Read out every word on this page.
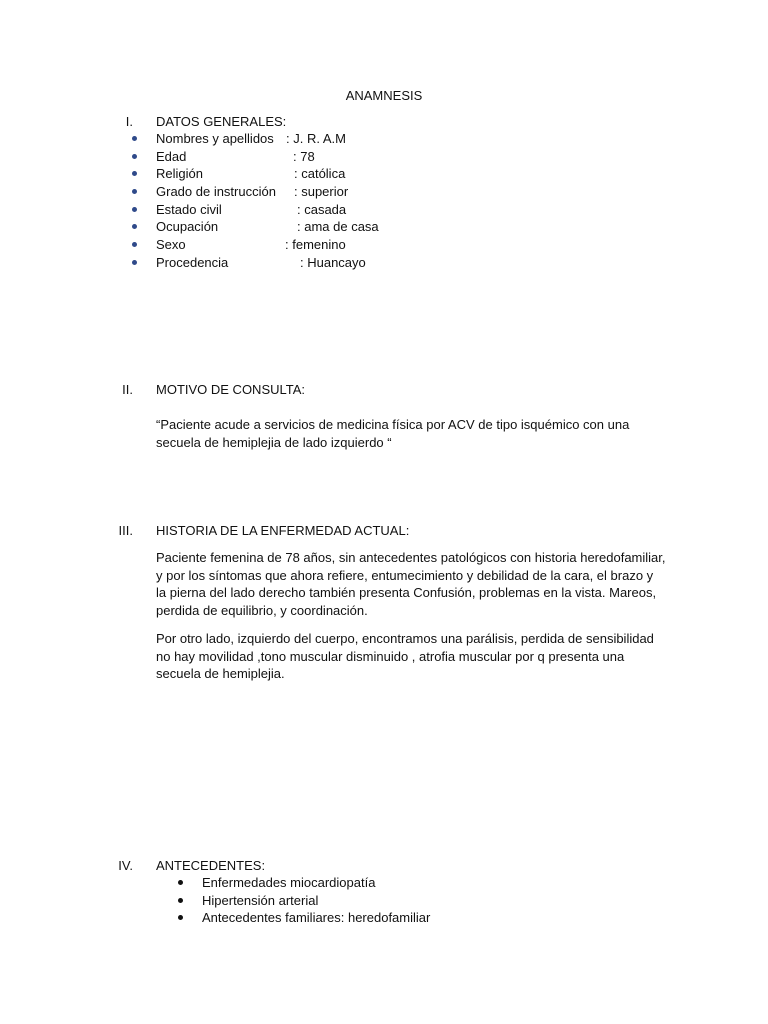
ANAMNESIS
I. DATOS GENERALES:
Nombres y apellidos : J. R. A.M
Edad	: 78
Religión	: católica
Grado de instrucción : superior
Estado civil	: casada
Ocupación	: ama de casa
Sexo	: femenino
Procedencia	: Huancayo
II. MOTIVO DE CONSULTA:
“Paciente acude a servicios de medicina física por ACV de tipo isquémico con una secuela de hemiplejia de lado izquierdo “
III. HISTORIA DE LA ENFERMEDAD ACTUAL:
Paciente femenina de 78 años, sin antecedentes patológicos con historia heredofamiliar, y por los síntomas que ahora refiere, entumecimiento y debilidad de la cara, el brazo y la pierna del lado derecho también presenta Confusión, problemas en la vista. Mareos, perdida de equilibrio, y coordinación.
Por otro lado, izquierdo del cuerpo, encontramos una parálisis, perdida de sensibilidad no hay movilidad ,tono muscular disminuido , atrofia muscular por q presenta una secuela de hemiplejia.
IV. ANTECEDENTES:
Enfermedades miocardiopatía
Hipertensión arterial
Antecedentes familiares: heredofamiliar
